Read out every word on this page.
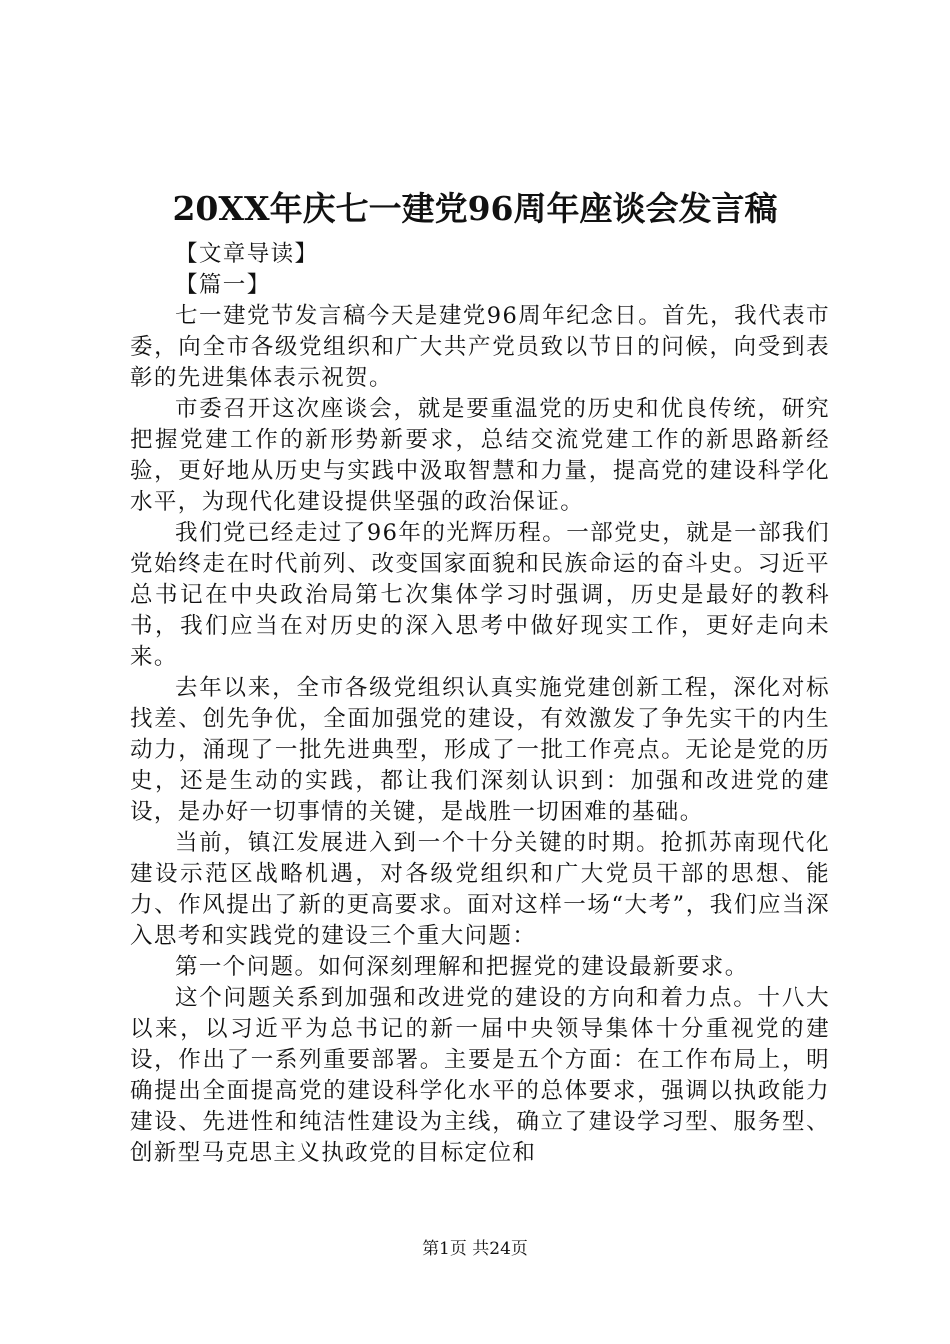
20XX年庆七一建党96周年座谈会发言稿

【文章导读】

【篇一】

七一建党节发言稿今天是建党96周年纪念日。首先，我代表市委，向全市各级党组织和广大共产党员致以节日的问候，向受到表彰的先进集体表示祝贺。

市委召开这次座谈会，就是要重温党的历史和优良传统，研究把握党建工作的新形势新要求，总结交流党建工作的新思路新经验，更好地从历史与实践中汲取智慧和力量，提高党的建设科学化水平，为现代化建设提供坚强的政治保证。

我们党已经走过了96年的光辉历程。一部党史，就是一部我们党始终走在时代前列、改变国家面貌和民族命运的奋斗史。习近平总书记在中央政治局第七次集体学习时强调，历史是最好的教科书，我们应当在对历史的深入思考中做好现实工作，更好走向未来。

去年以来，全市各级党组织认真实施党建创新工程，深化对标找差、创先争优，全面加强党的建设，有效激发了争先实干的内生动力，涌现了一批先进典型，形成了一批工作亮点。无论是党的历史，还是生动的实践，都让我们深刻认识到：加强和改进党的建设，是办好一切事情的关键，是战胜一切困难的基础。

当前，镇江发展进入到一个十分关键的时期。抢抓苏南现代化建设示范区战略机遇，对各级党组织和广大党员干部的思想、能力、作风提出了新的更高要求。面对这样一场“大考”，我们应当深入思考和实践党的建设三个重大问题：

第一个问题。如何深刻理解和把握党的建设最新要求。

这个问题关系到加强和改进党的建设的方向和着力点。十八大以来，以习近平为总书记的新一届中央领导集体十分重视党的建设，作出了一系列重要部署。主要是五个方面：在工作布局上，明确提出全面提高党的建设科学化水平的总体要求，强调以执政能力建设、先进性和纯洁性建设为主线，确立了建设学习型、服务型、创新型马克思主义执政党的目标定位和

第1页 共24页
